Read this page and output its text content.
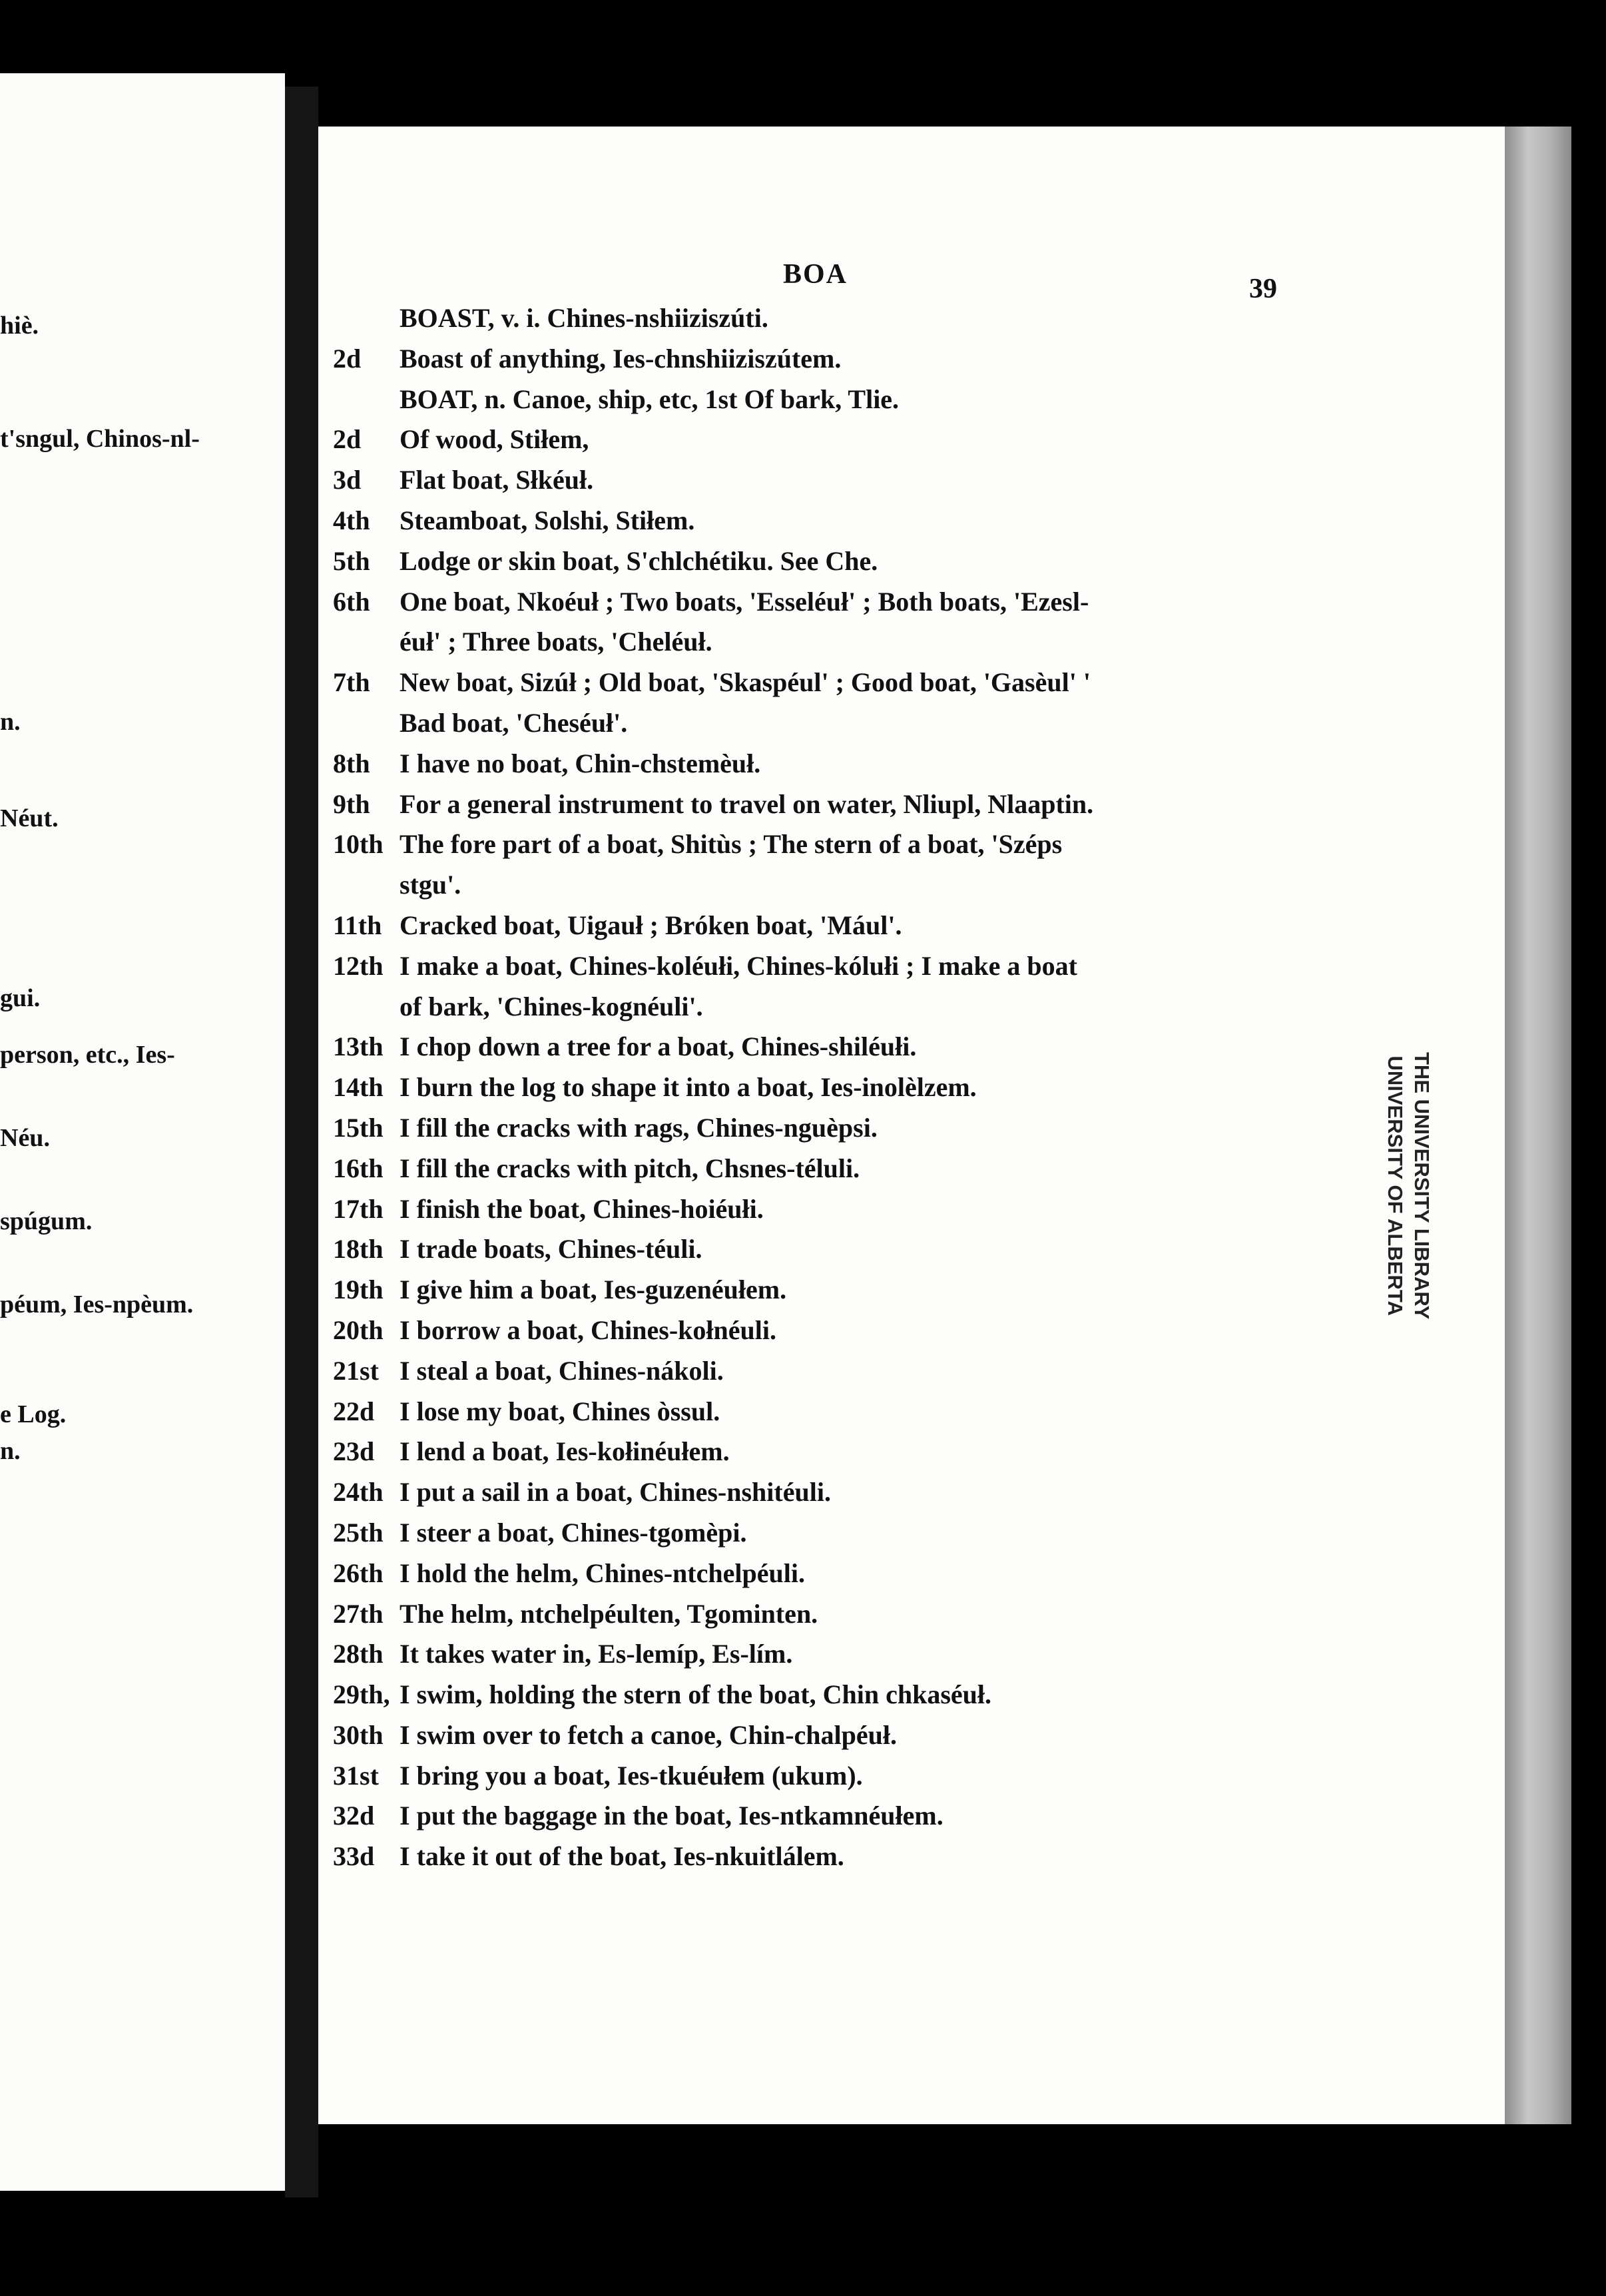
hiè.
t'sngul, Chinos-nl-
n.
Néut.
gui.
person, etc., Ies-
Néu.
spúgum.
péum, Ies-npèum.
e Log.
n.
BOA	39
BOAST, v. i. Chines-nshiiziszúti.
2d Boast of anything, Ies-chnshiiziszútem.
BOAT, n. Canoe, ship, etc, 1st Of bark, Tlie.
2d Of wood, Stiłem,
3d Flat boat, Słkéuł.
4th Steamboat, Solshi, Stiłem.
5th Lodge or skin boat, S'chlchétiku. See Che.
6th One boat, Nkoéuł ; Two boats, 'Esseléuł' ; Both boats, 'Ezesl-
éuł' ; Three boats, 'Cheléuł.
7th New boat, Sizúł ; Old boat, 'Skaspéul' ; Good boat, 'Gasèul' '
Bad boat, 'Cheséuł'.
8th I have no boat, Chin-chstemèuł.
9th For a general instrument to travel on water, Nliupl, Nlaaptin.
10th The fore part of a boat, Shitùs ; The stern of a boat, 'Széps
stgu'.
11th Cracked boat, Uigauł ; Bróken boat, 'Mául'.
12th I make a boat, Chines-koléułi, Chines-kólułi ; I make a boat
of bark, 'Chines-kognéuli'.
13th I chop down a tree for a boat, Chines-shiléułi.
14th I burn the log to shape it into a boat, Ies-inolèlzem.
15th I fill the cracks with rags, Chines-nguèpsi.
16th I fill the cracks with pitch, Chsnes-téluli.
17th I finish the boat, Chines-hoiéułi.
18th I trade boats, Chines-téuli.
19th I give him a boat, Ies-guzenéułem.
20th I borrow a boat, Chines-kołnéuli.
21st I steal a boat, Chines-nákoli.
22d I lose my boat, Chines òssul.
23d I lend a boat, Ies-kołinéułem.
24th I put a sail in a boat, Chines-nshitéuli.
25th I steer a boat, Chines-tgomèpi.
26th I hold the helm, Chines-ntchelpéuli.
27th The helm, ntchelpéulten, Tgominten.
28th It takes water in, Es-lemíp, Es-lím.
29th, I swim, holding the stern of the boat, Chin chkaséuł.
30th I swim over to fetch a canoe, Chin-chalpéuł.
31st I bring you a boat, Ies-tkuéułem (ukum).
32d I put the baggage in the boat, Ies-ntkamnéułem.
33d I take it out of the boat, Ies-nkuitlálem.
THE UNIVERSITY LIBRARY
UNIVERSITY OF ALBERTA
